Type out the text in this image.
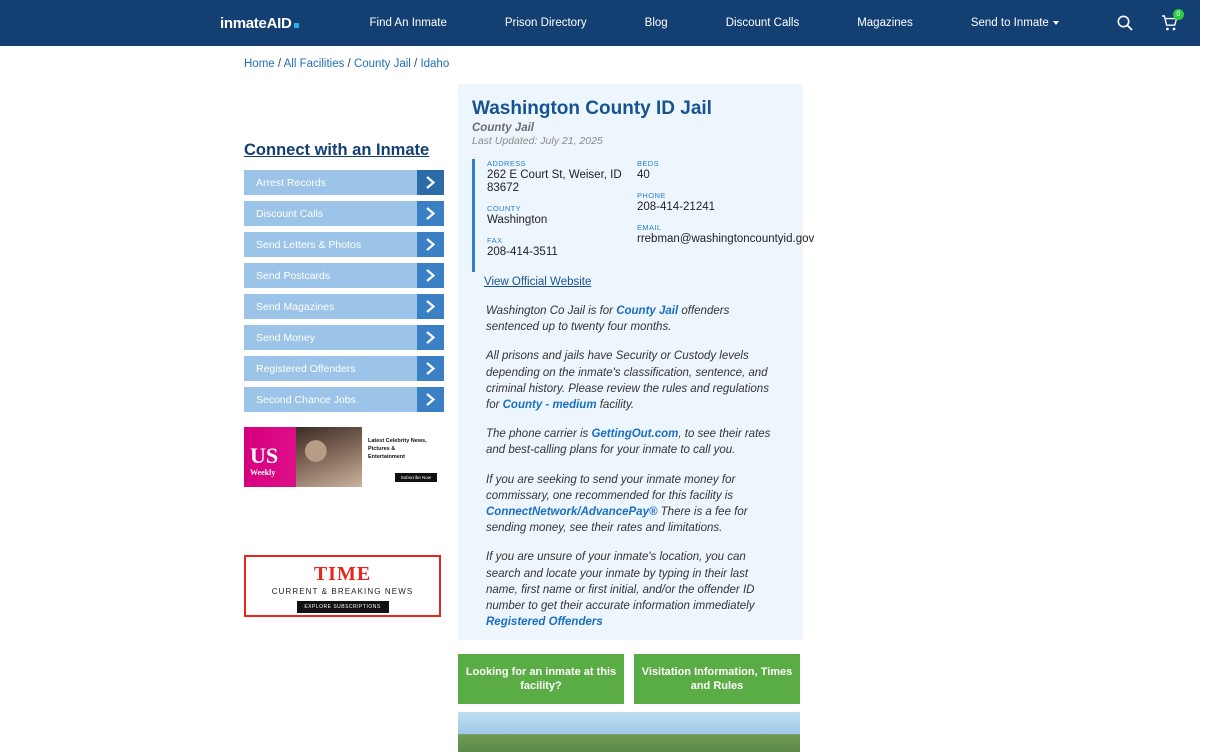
inmate AID	Find An Inmate	Prison Directory	Blog	Discount Calls	Magazines	Send to Inmate
0
Home / All Facilities / County Jail / Idaho
Connect with an Inmate
Arrest Records
Discount Calls
Send Letters & Photos
Send Postcards
Send Magazines
Send Money
Registered Offenders
Second Chance Jobs
US
Weekly
Latest Celebrity News, Pictures & Entertainment
Subscribe Now
TIME
CURRENT & BREAKING NEWS
EXPLORE SUBSCRIPTIONS
Washington County ID Jail
County Jail
Last Updated: July 21, 2025
ADDRESS
262 E Court St, Weiser, ID 83672
COUNTY
Washington
FAX
208-414-3511
BEDS
40
PHONE
208-414-21241
EMAIL
rrebman@washingtoncountyid.gov
View Official Website
Washington Co Jail is for County Jail offenders sentenced up to twenty four months.
All prisons and jails have Security or Custody levels depending on the inmate's classification, sentence, and criminal history. Please review the rules and regulations for County - medium facility.
The phone carrier is GettingOut.com, to see their rates and best-calling plans for your inmate to call you.
If you are seeking to send your inmate money for commissary, one recommended for this facility is ConnectNetwork/AdvancePay® There is a fee for sending money, see their rates and limitations.
If you are unsure of your inmate's location, you can search and locate your inmate by typing in their last name, first name or first initial, and/or the offender ID number to get their accurate information immediately Registered Offenders
Looking for an inmate at this facility?
Visitation Information, Times and Rules
